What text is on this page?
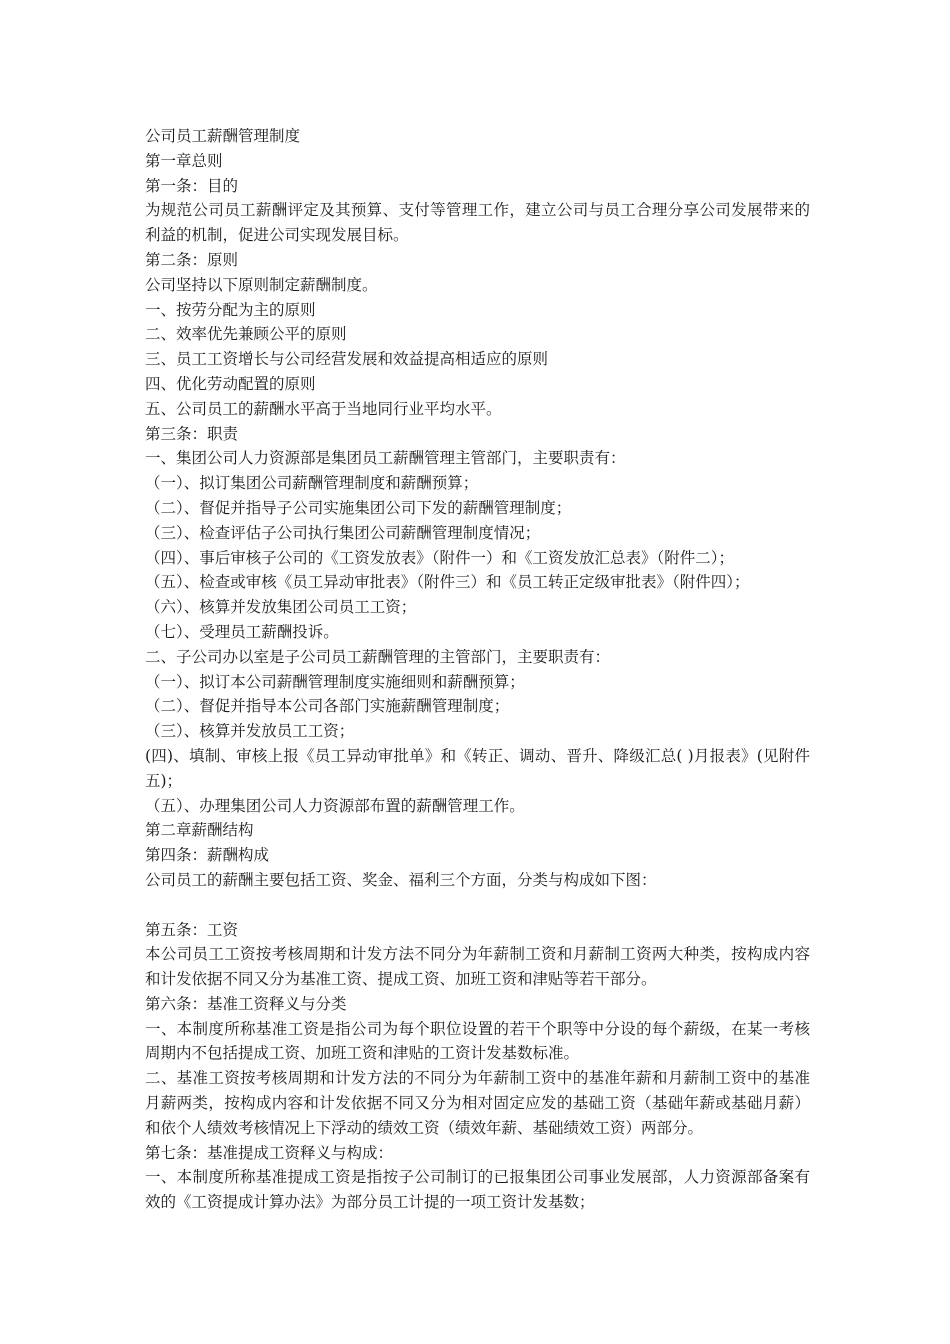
公司员工薪酬管理制度

第一章总则

第一条：目的

为规范公司员工薪酬评定及其预算、支付等管理工作，建立公司与员工合理分享公司发展带来的利益的机制，促进公司实现发展目标。

第二条：原则

公司坚持以下原则制定薪酬制度。

一、按劳分配为主的原则

二、效率优先兼顾公平的原则

三、员工工资增长与公司经营发展和效益提高相适应的原则

四、优化劳动配置的原则

五、公司员工的薪酬水平高于当地同行业平均水平。

第三条：职责

一、集团公司人力资源部是集团员工薪酬管理主管部门，主要职责有：

（一）、拟订集团公司薪酬管理制度和薪酬预算；

（二）、督促并指导子公司实施集团公司下发的薪酬管理制度；

（三）、检查评估子公司执行集团公司薪酬管理制度情况；

（四）、事后审核子公司的《工资发放表》（附件一）和《工资发放汇总表》（附件二）；

（五）、检查或审核《员工异动审批表》（附件三）和《员工转正定级审批表》（附件四）；

（六）、核算并发放集团公司员工工资；

（七）、受理员工薪酬投诉。

二、子公司办以室是子公司员工薪酬管理的主管部门，主要职责有：

（一）、拟订本公司薪酬管理制度实施细则和薪酬预算；

（二）、督促并指导本公司各部门实施薪酬管理制度；

（三）、核算并发放员工工资；

(四)、填制、审核上报《员工异动审批单》和《转正、调动、晋升、降级汇总( )月报表》(见附件五)；

（五）、办理集团公司人力资源部布置的薪酬管理工作。

第二章薪酬结构

第四条：薪酬构成

公司员工的薪酬主要包括工资、奖金、福利三个方面，分类与构成如下图：

第五条：工资

本公司员工工资按考核周期和计发方法不同分为年薪制工资和月薪制工资两大种类，按构成内容和计发依据不同又分为基准工资、提成工资、加班工资和津贴等若干部分。

第六条：基准工资释义与分类

一、本制度所称基准工资是指公司为每个职位设置的若干个职等中分设的每个薪级，在某一考核周期内不包括提成工资、加班工资和津贴的工资计发基数标准。

二、基准工资按考核周期和计发方法的不同分为年薪制工资中的基准年薪和月薪制工资中的基准月薪两类，按构成内容和计发依据不同又分为相对固定应发的基础工资（基础年薪或基础月薪）和依个人绩效考核情况上下浮动的绩效工资（绩效年薪、基础绩效工资）两部分。

第七条：基准提成工资释义与构成：

一、本制度所称基准提成工资是指按子公司制订的已报集团公司事业发展部，人力资源部备案有效的《工资提成计算办法》为部分员工计提的一项工资计发基数；
